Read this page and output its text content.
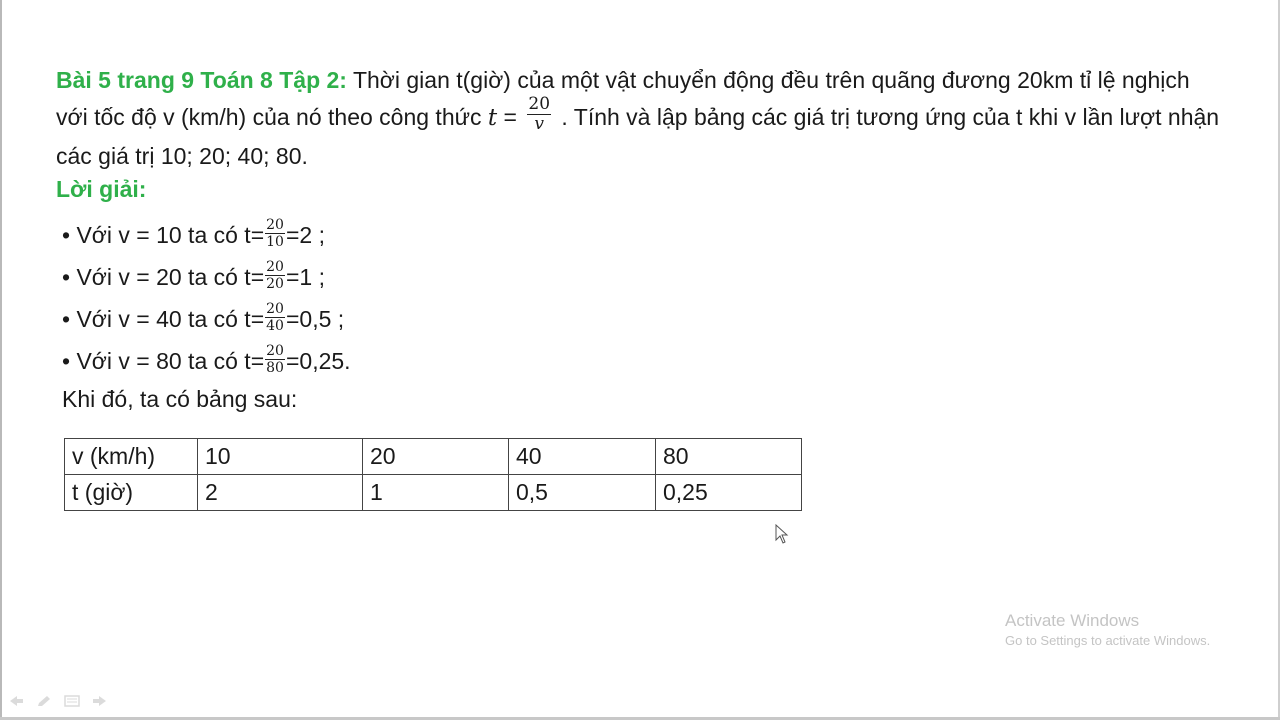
Bài 5 trang 9 Toán 8 Tập 2: Thời gian t(giờ) của một vật chuyển động đều trên quãng đương 20km tỉ lệ nghịch với tốc độ v (km/h) của nó theo công thức $t = \frac{20}{v}$ . Tính và lập bảng các giá trị tương ứng của t khi v lần lượt nhận các giá trị 10; 20; 40; 80.
Lời giải:
• Với v = 10 ta có $t= \frac{20}{10} =2$ ;
• Với v = 20 ta có $t= \frac{20}{20} =1$ ;
• Với v = 40 ta có $t= \frac{20}{40} =0,5$ ;
• Với v = 80 ta có $t= \frac{20}{80} =0,25$.
Khi đó, ta có bảng sau:
v (km/h)	10	20	40	80
t (giờ)	2	1	0,5	0,25
Activate Windows
Go to Settings to activate Windows.
